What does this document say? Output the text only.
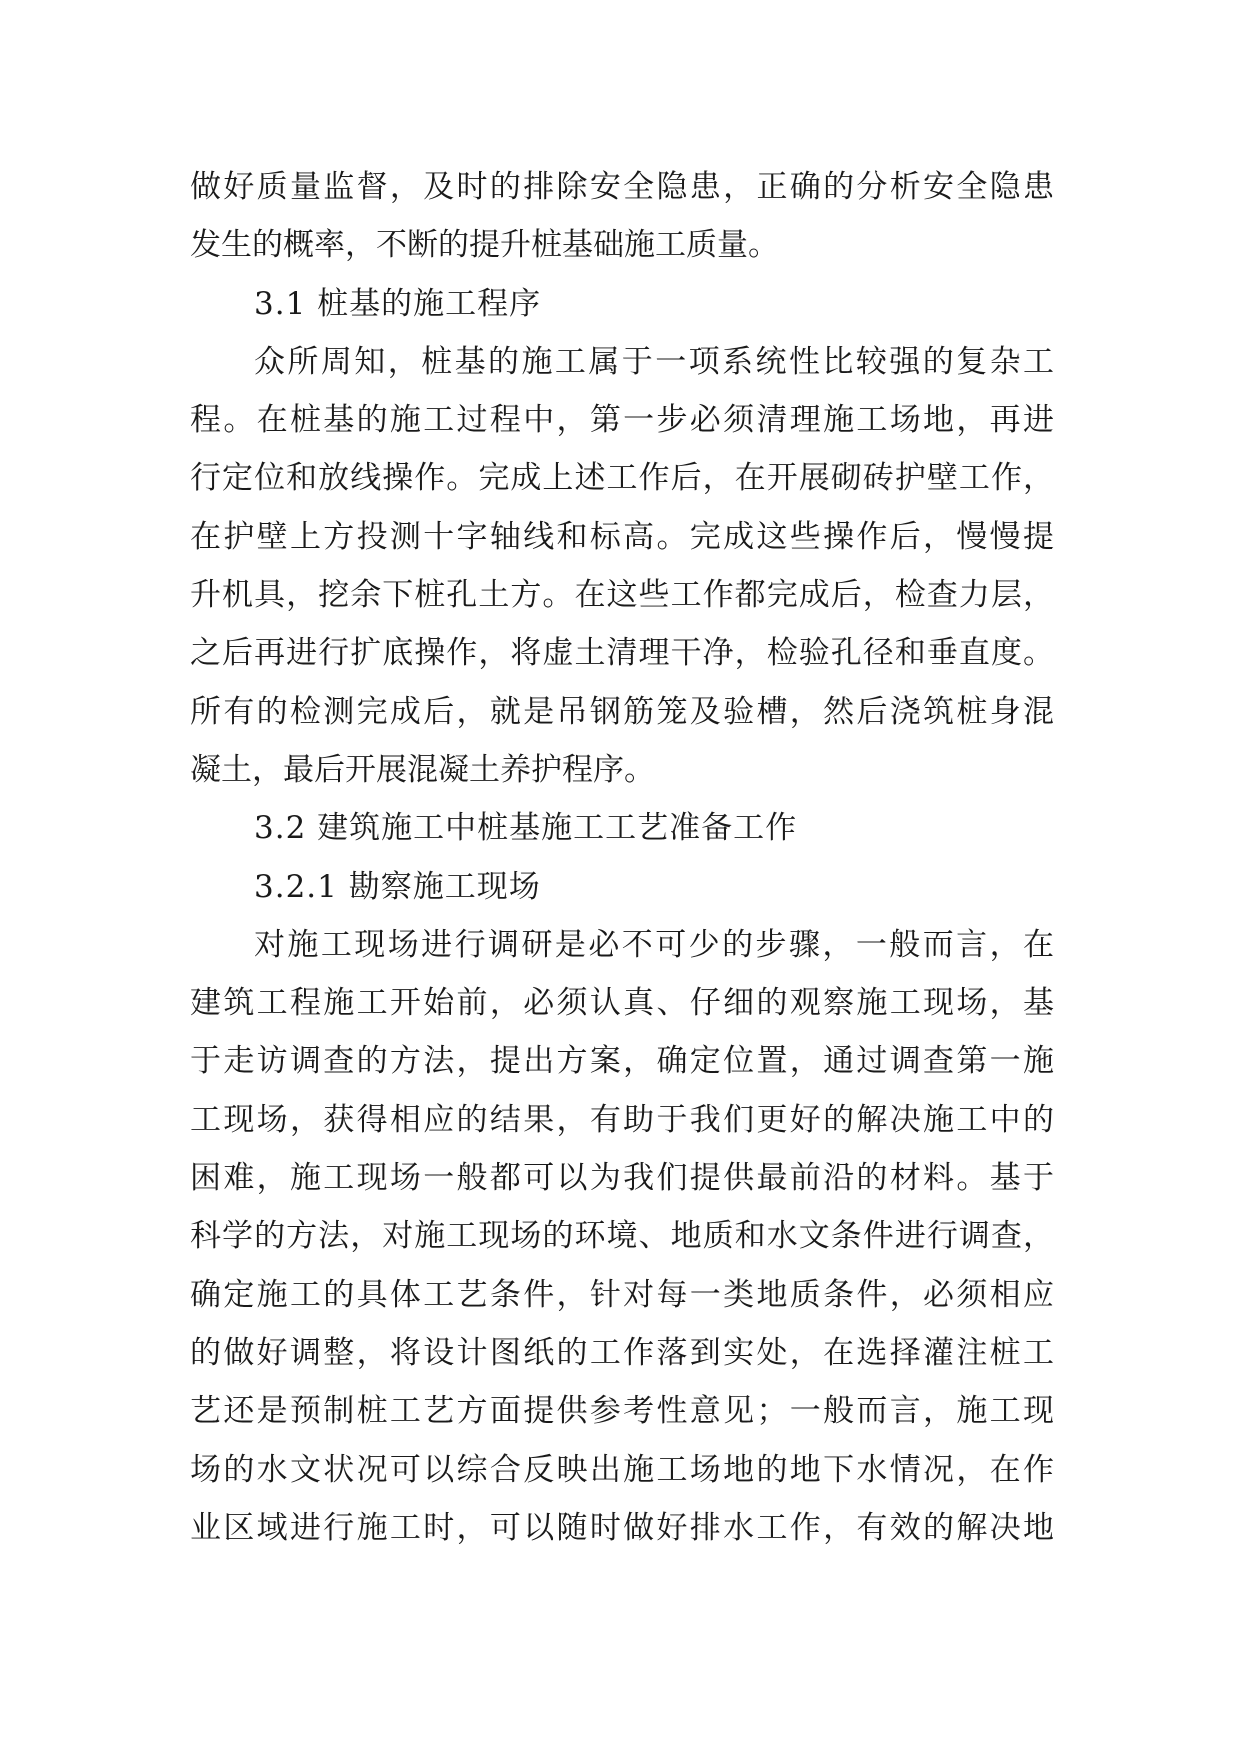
做好质量监督，及时的排除安全隐患，正确的分析安全隐患
发生的概率，不断的提升桩基础施工质量。
3.1 桩基的施工程序
众所周知，桩基的施工属于一项系统性比较强的复杂工
程。在桩基的施工过程中，第一步必须清理施工场地，再进
行定位和放线操作。完成上述工作后，在开展砌砖护壁工作，
在护壁上方投测十字轴线和标高。完成这些操作后，慢慢提
升机具，挖余下桩孔土方。在这些工作都完成后，检查力层，
之后再进行扩底操作，将虚土清理干净，检验孔径和垂直度。
所有的检测完成后，就是吊钢筋笼及验槽，然后浇筑桩身混
凝土，最后开展混凝土养护程序。
3.2 建筑施工中桩基施工工艺准备工作
3.2.1 勘察施工现场
对施工现场进行调研是必不可少的步骤，一般而言，在
建筑工程施工开始前，必须认真、仔细的观察施工现场，基
于走访调查的方法，提出方案，确定位置，通过调查第一施
工现场，获得相应的结果，有助于我们更好的解决施工中的
困难，施工现场一般都可以为我们提供最前沿的材料。基于
科学的方法，对施工现场的环境、地质和水文条件进行调查，
确定施工的具体工艺条件，针对每一类地质条件，必须相应
的做好调整，将设计图纸的工作落到实处，在选择灌注桩工
艺还是预制桩工艺方面提供参考性意见；一般而言，施工现
场的水文状况可以综合反映出施工场地的地下水情况，在作
业区域进行施工时，可以随时做好排水工作，有效的解决地
